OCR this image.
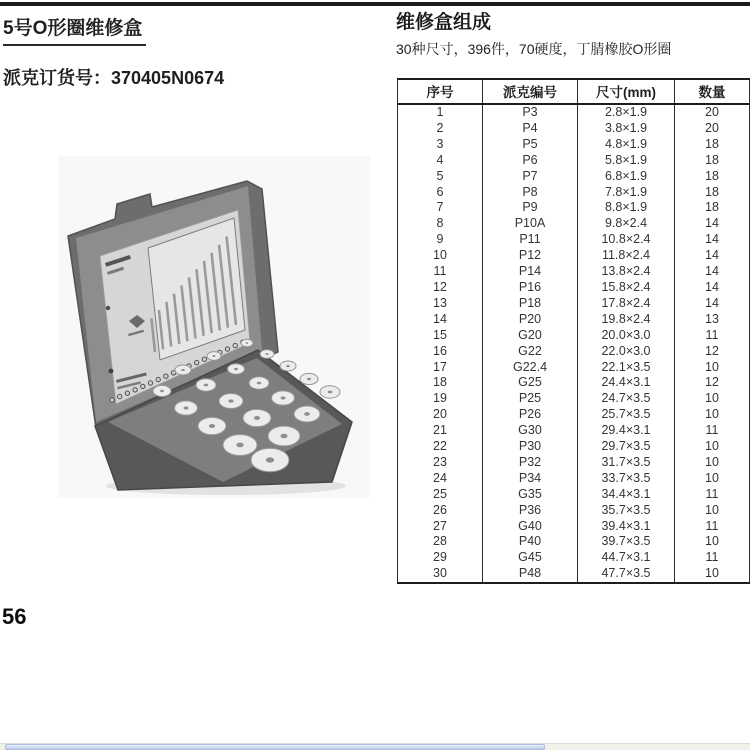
5号O形圈维修盒
派克订货号：370405N0674
56
维修盒组成
30种尺寸，396件，70硬度，丁腈橡胶O形圈
序号	派克编号	尺寸(mm)	数量
1	P3	2.8×1.9	20
2	P4	3.8×1.9	20
3	P5	4.8×1.9	18
4	P6	5.8×1.9	18
5	P7	6.8×1.9	18
6	P8	7.8×1.9	18
7	P9	8.8×1.9	18
8	P10A	9.8×2.4	14
9	P11	10.8×2.4	14
10	P12	11.8×2.4	14
11	P14	13.8×2.4	14
12	P16	15.8×2.4	14
13	P18	17.8×2.4	14
14	P20	19.8×2.4	13
15	G20	20.0×3.0	11
16	G22	22.0×3.0	12
17	G22.4	22.1×3.5	10
18	G25	24.4×3.1	12
19	P25	24.7×3.5	10
20	P26	25.7×3.5	10
21	G30	29.4×3.1	11
22	P30	29.7×3.5	10
23	P32	31.7×3.5	10
24	P34	33.7×3.5	10
25	G35	34.4×3.1	11
26	P36	35.7×3.5	10
27	G40	39.4×3.1	11
28	P40	39.7×3.5	10
29	G45	44.7×3.1	11
30	P48	47.7×3.5	10
